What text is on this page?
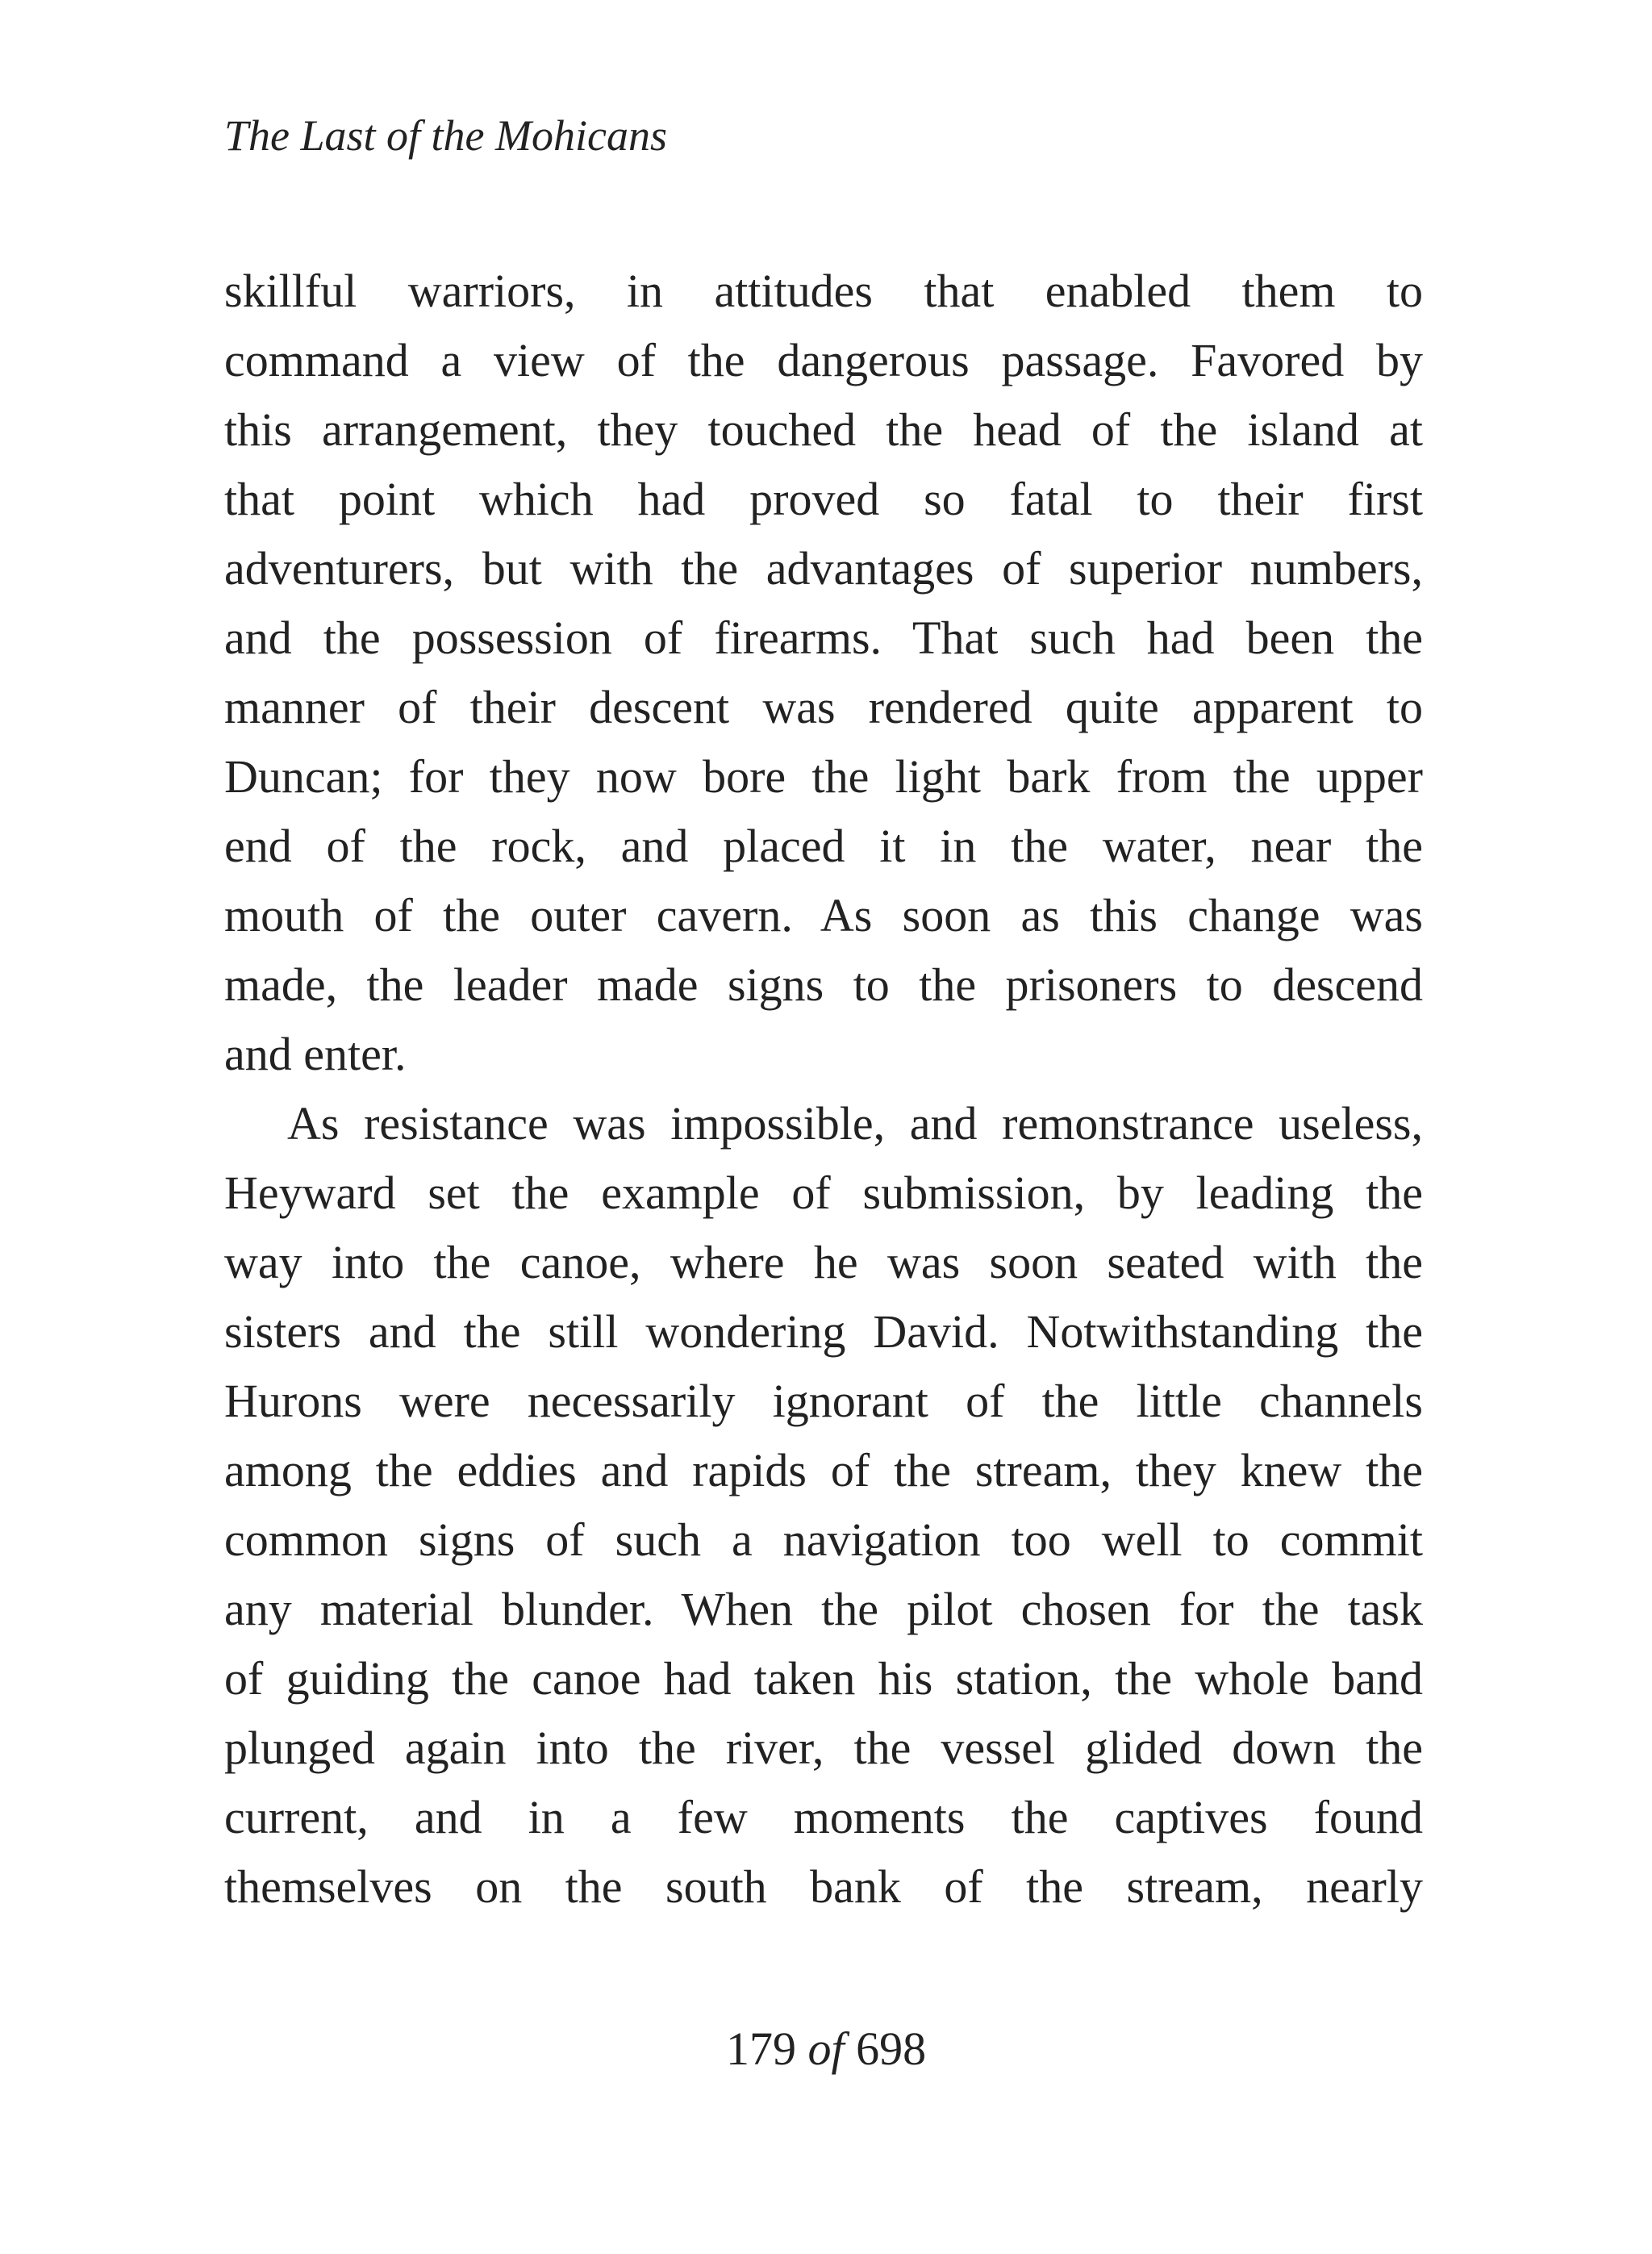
The Last of the Mohicans
skillful warriors, in attitudes that enabled them to
command a view of the dangerous passage. Favored by
this arrangement, they touched the head of the island at
that point which had proved so fatal to their first
adventurers, but with the advantages of superior numbers,
and the possession of firearms. That such had been the
manner of their descent was rendered quite apparent to
Duncan; for they now bore the light bark from the upper
end of the rock, and placed it in the water, near the
mouth of the outer cavern. As soon as this change was
made, the leader made signs to the prisoners to descend
and enter.
As resistance was impossible, and remonstrance useless,
Heyward set the example of submission, by leading the
way into the canoe, where he was soon seated with the
sisters and the still wondering David. Notwithstanding the
Hurons were necessarily ignorant of the little channels
among the eddies and rapids of the stream, they knew the
common signs of such a navigation too well to commit
any material blunder. When the pilot chosen for the task
of guiding the canoe had taken his station, the whole band
plunged again into the river, the vessel glided down the
current, and in a few moments the captives found
themselves on the south bank of the stream, nearly
179 of 698
